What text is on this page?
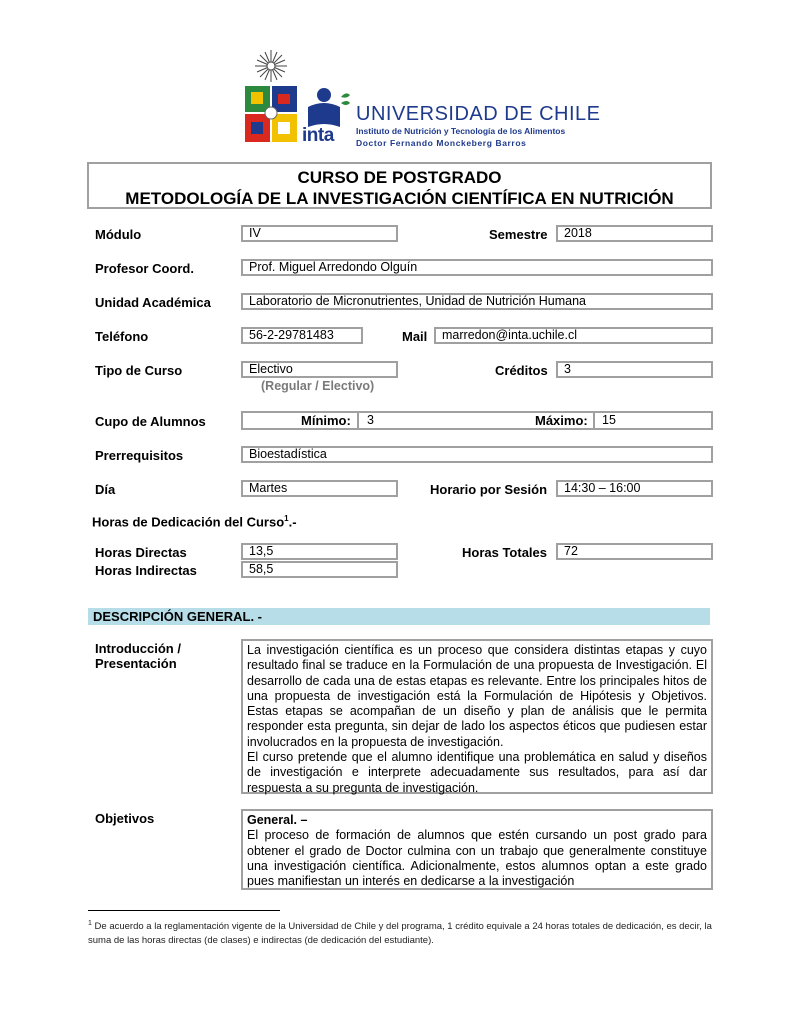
inta
UNIVERSIDAD DE CHILE
Instituto de Nutrición y Tecnología de los Alimentos
Doctor Fernando Monckeberg Barros
CURSO DE POSTGRADO
METODOLOGÍA DE LA INVESTIGACIÓN CIENTÍFICA EN NUTRICIÓN
Módulo	IV	Semestre	2018
Profesor Coord.	Prof. Miguel Arredondo Olguín
Unidad Académica	Laboratorio de Micronutrientes, Unidad de Nutrición Humana
Teléfono	56-2-29781483	Mail	marredon@inta.uchile.cl
Tipo de Curso	Electivo
(Regular / Electivo)
Créditos	3
Cupo de Alumnos	Mínimo: 3	Máximo: 15
Prerrequisitos	Bioestadística
Día	Martes	Horario por Sesión	14:30 – 16:00
Horas de Dedicación del Curso$^1$.-
Horas Directas	13,5	Horas Totales	72
Horas Indirectas	58,5
DESCRIPCIÓN GENERAL. -
Introducción /
Presentación
La investigación científica es un proceso que considera distintas etapas y cuyo resultado final se traduce en la Formulación de una propuesta de Investigación. El desarrollo de cada una de estas etapas es relevante. Entre los principales hitos de una propuesta de investigación está la Formulación de Hipótesis y Objetivos. Estas etapas se acompañan de un diseño y plan de análisis que le permita responder esta pregunta, sin dejar de lado los aspectos éticos que pudiesen estar involucrados en la propuesta de investigación.
El curso pretende que el alumno identifique una problemática en salud y diseños de investigación e interprete adecuadamente sus resultados, para así dar respuesta a su pregunta de investigación.
Objetivos	General. –
El proceso de formación de alumnos que estén cursando un post grado para obtener el grado de Doctor culmina con un trabajo que generalmente constituye una investigación científica. Adicionalmente, estos alumnos optan a este grado pues manifiestan un interés en dedicarse a la investigación
$^1$ De acuerdo a la reglamentación vigente de la Universidad de Chile y del programa, 1 crédito equivale a 24 horas totales de dedicación, es decir, la suma de las horas directas (de clases) e indirectas (de dedicación del estudiante).
